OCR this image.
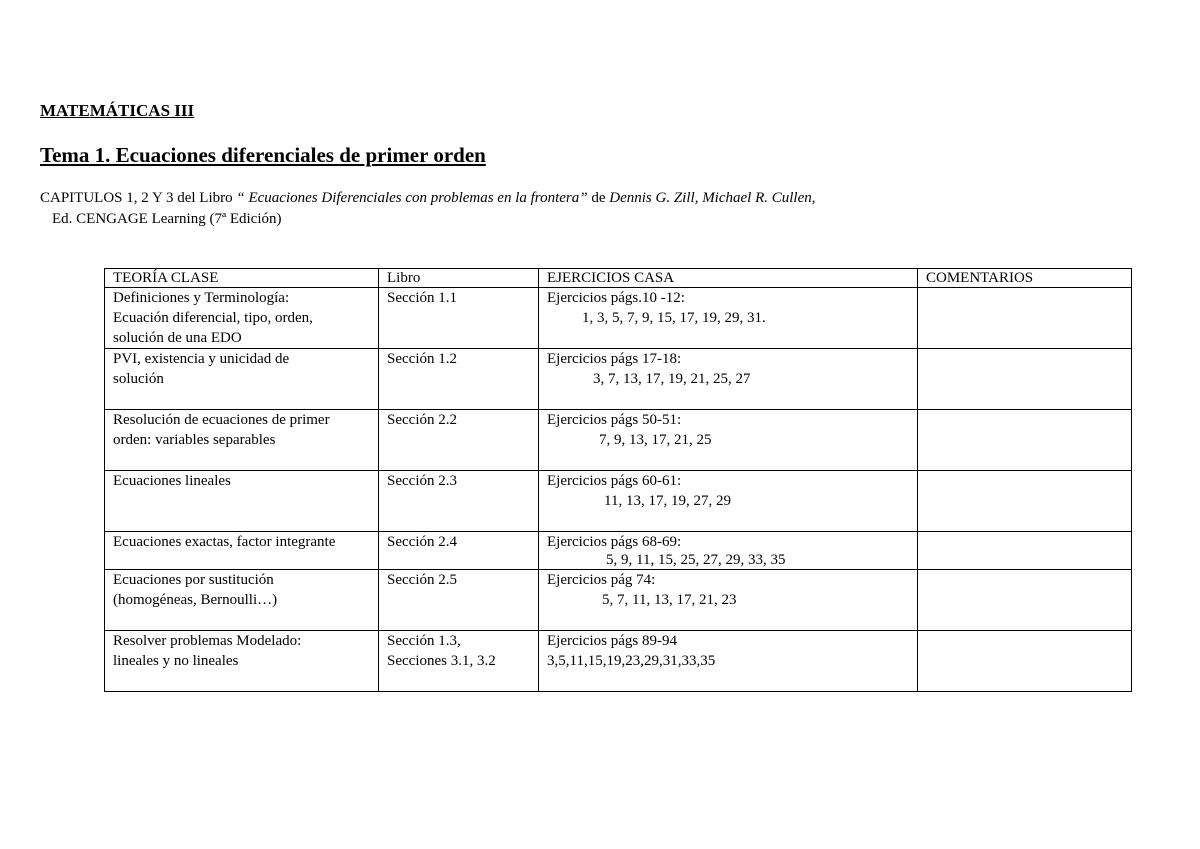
MATEMÁTICAS III
Tema 1. Ecuaciones diferenciales de primer orden
CAPITULOS 1, 2 Y 3 del Libro “ Ecuaciones Diferenciales con problemas en la frontera” de Dennis G. Zill, Michael R. Cullen,
Ed. CENGAGE Learning (7ª Edición)
TEORÍA CLASE	Libro	EJERCICIOS CASA	COMENTARIOS

Definiciones y Terminología:
Ecuación diferencial, tipo, orden,
solución de una EDO	Sección 1.1	Ejercicios págs.10 -12:
1, 3, 5, 7, 9, 15, 17, 19, 29, 31.	

PVI, existencia y unicidad de
solución	Sección 1.2	Ejercicios págs 17-18:
3, 7, 13, 17, 19, 21, 25, 27	

Resolución de ecuaciones de primer
orden: variables separables	Sección 2.2	Ejercicios págs 50-51:
7, 9, 13, 17, 21, 25	

Ecuaciones lineales	Sección 2.3	Ejercicios págs 60-61:
11, 13, 17, 19, 27, 29	

Ecuaciones exactas, factor integrante	Sección 2.4	Ejercicios págs 68-69:
5, 9, 11, 15, 25, 27, 29, 33, 35	

Ecuaciones por sustitución
(homogéneas, Bernoulli…)	Sección 2.5	Ejercicios pág 74:
5, 7, 11, 13, 17, 21, 23	

Resolver problemas Modelado:
lineales y no lineales	Sección 1.3,
Secciones 3.1, 3.2	Ejercicios págs 89-94
3,5,11,15,19,23,29,31,33,35	
